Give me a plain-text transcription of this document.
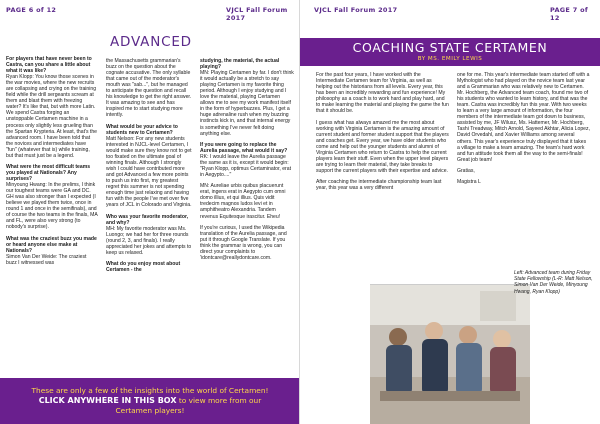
PAGE 6 of 12	VJCL Fall Forum 2017
ADVANCED

For players that have never been to Castra, can you share a little about what it was like?
Ryan Klopp: You know those scenes in the war movies, where the new recruits are collapsing and crying on the training field while the drill sergeants scream at them and blast them with freezing water? It's like that, but with more Latin. We spend Castra forging an unstoppable Certamen machine in a process only slightly less grueling than the Spartan Krypteria. At least, that's the advanced room. I have been told that the novices and intermediates have "fun" (whatever that is) while training, but that must just be a legend.

What were the most difficult teams you played at Nationals? Any surprises?
Minyoung Hwang: In the prelims, I think our toughest teams were GA and DC. GH was also stronger than I expected (I believe we played them twice, once in round 1 and once in the semifinals), and of course the two teams in the finals, MA and FL, were also very strong (to nobody's surprise).

What was the craziest buzz you made or heard anyone else make at Nationals?
Simon Van Der Weide: The craziest buzz I witnessed was

the Massachusetts grammarian's buzz on the question about the cognate accusative. The only syllable that came out of the moderator's mouth was "sab...", but he managed to anticipate the question and recall his knowledge to get the right answer. It was amazing to see and has inspired me to start studying more intently.

What would be your advice to students new to Certamen?
Matt Nelson: For any new students interested in NJCL-level Certamen, I would make sure they know not to get too fixated on the ultimate goal of winning finals. Although I strongly wish I could have contributed more and got Advanced a few more points to push us into first, my greatest regret this summer is not spending enough time just relaxing and having fun with the people I've met over five years of JCL in Colorado and Virginia.

Who was your favorite moderator, and why?
MH: My favorite moderator was Ms. Luongo; we had her for three rounds (round 2, 3, and finals). I really appreciated her jokes and attempts to keep us relaxed.

What do you enjoy most about Certamen - the

studying, the material, the actual playing?
MN: Playing Certamen by far. I don't think it would actually be a stretch to say playing Certamen is my favorite thing period. Although I enjoy studying and I love the material, playing Certamen allows me to see my work manifest itself in the form of hyperbuzzes. Plus, I get a huge adrenaline rush when my buzzing instincts kick in, and that internal energy is something I've never felt doing anything else.

If you were going to replace the Aurelia passage, what would it say?
RK: I would leave the Aurelia passage the same as it is, except it would begin: "Ryan Klopp, optimus Certaminator, erat in Aegypto...."

MN: Aureliae urbis quibus placuerunt erat, ingens erat in Aegypto cum omni domo illius, et qui illius. Quis vidit tredecim magnos ludos levi et in amphitheatro Alexandria. Tandem revenus Equitesque irascitur. Eheu!

If you're curious, I used the Wikipedia translation of the Aurelia passage, and put it through Google Translate. If you think the grammar is wrong, you can direct your complaints to 'idontcare@reallydontcare.com.

These are only a few of the insights into the world of Certamen!
CLICK ANYWHERE IN THIS BOX to view more from our
Certamen players!
VJCL Fall Forum 2017	PAGE 7 of 12
COACHING STATE CERTAMEN
BY MS. EMILY LEWIS

For the past four years, I have worked with the Intermediate Certamen team for Virginia, as well as helping out the historians from all levels. Every year, this has been an incredibly rewarding and fun experience! My philosophy as a coach is to work hard and play hard, and to make learning the material and playing the game the fun that it should be.

I guess what has always amazed me the most about working with Virginia Certamen is the amazing amount of current student and former student support that the players and coaches get. Every year, we have older students who come and help out the younger students and alumni of Virginia Certamen who return to Castra to help the current players learn their stuff. Even when the upper level players are trying to learn their material, they take breaks to support the current players with their expertise and advice.

After coaching the intermediate championship team last year, this year was a very different

one for me. This year's intermediate team started off with a Mythologist who had played on the novice team last year and a Grammarian who was relatively new to Certamen. Mr. Hochberg, the Advanced team coach, found me two of his students who wanted to learn history, and that was the team. Castra was incredibly fun this year. With two weeks to learn a very large amount of information, the four members of the intermediate team got down to business, assisted by me, JF Wilusz, Ms. Hattemer, Mr. Hochberg, Tashi Treadway, Mitch Arnold, Sayeed Akhtar, Alicia Lopez, David Orvedahl, and Xavier Williams among several others. This year's experience truly displayed that it takes a village to make a team amazing. The team's hard work and fun attitude took them all the way to the semi-finals! Great job team!

Gratias,

Magistra L

Left: Advanced team during Friday State Fellowship (L-R: Matt Nelson, Simon Van Der Weide, Minyoung Hwang, Ryan Klopp)
